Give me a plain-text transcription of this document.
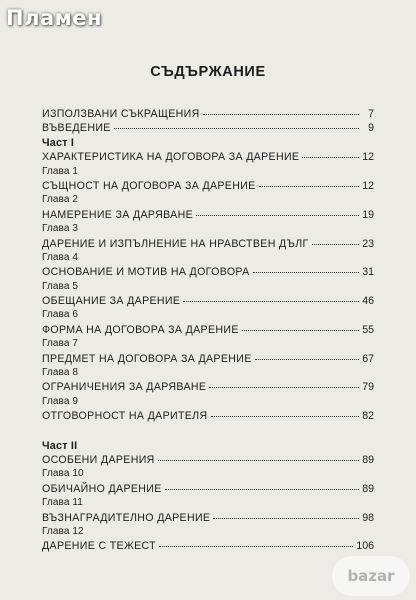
Пламен
СЪДЪРЖАНИЕ
ИЗПОЛЗВАНИ СЪКРАЩЕНИЯ	7
ВЪВЕДЕНИЕ	9
Част I
ХАРАКТЕРИСТИКА НА ДОГОВОРА ЗА ДАРЕНИЕ	12
Глава 1
СЪЩНОСТ НА ДОГОВОРА ЗА ДАРЕНИЕ	12
Глава 2
НАМЕРЕНИЕ ЗА ДАРЯВАНЕ	19
Глава 3
ДАРЕНИЕ И ИЗПЪЛНЕНИЕ НА НРАВСТВЕН ДЪЛГ	23
Глава 4
ОСНОВАНИЕ И МОТИВ НА ДОГОВОРА	31
Глава 5
ОБЕЩАНИЕ ЗА ДАРЕНИЕ	46
Глава 6
ФОРМА НА ДОГОВОРА ЗА ДАРЕНИЕ	55
Глава 7
ПРЕДМЕТ НА ДОГОВОРА ЗА ДАРЕНИЕ	67
Глава 8
ОГРАНИЧЕНИЯ ЗА ДАРЯВАНЕ	79
Глава 9
ОТГОВОРНОСТ НА ДАРИТЕЛЯ	82
Част II
ОСОБЕНИ ДАРЕНИЯ	89
Глава 10
ОБИЧАЙНО ДАРЕНИЕ	89
Глава 11
ВЪЗНАГРАДИТЕЛНО ДАРЕНИЕ	98
Глава 12
ДАРЕНИЕ С ТЕЖЕСТ	106
bazar
